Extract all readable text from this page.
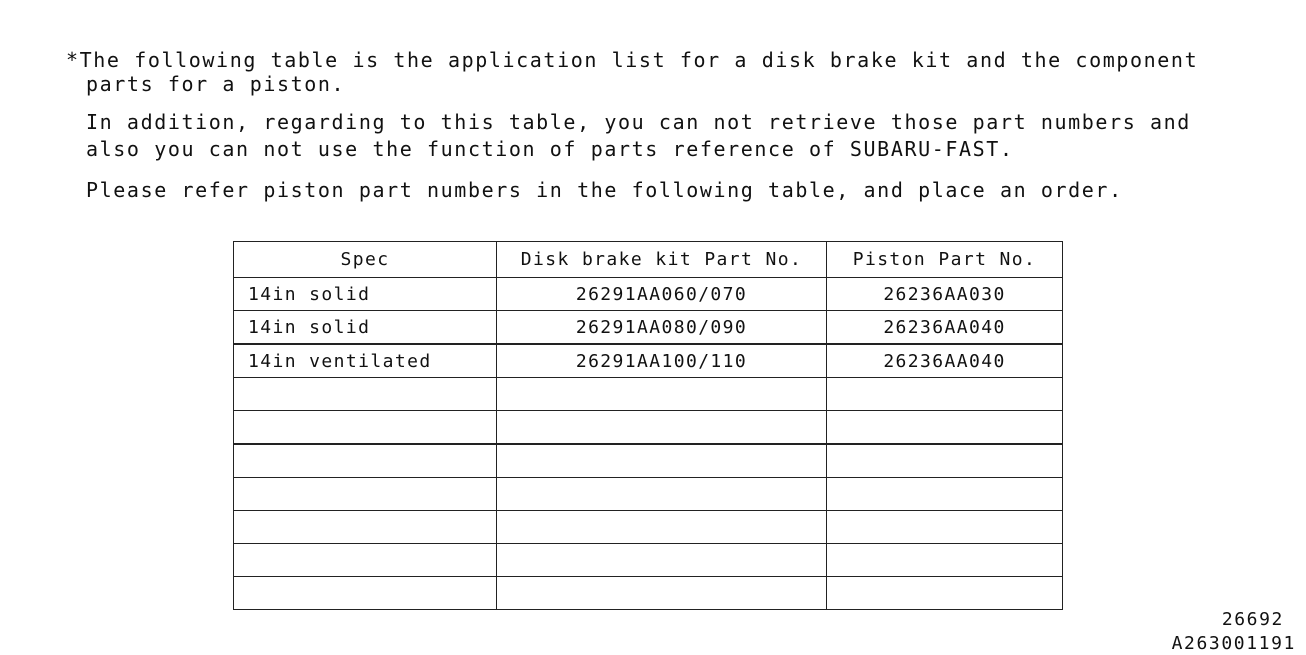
*The following table is the application list for a disk brake kit and the component
parts for a piston.
In addition, regarding to this table, you can not retrieve those part numbers and
also you can not use the function of parts reference of SUBARU-FAST.
Please refer piston part numbers in the following table, and place an order.
Spec	Disk brake kit Part No.	Piston Part No.
14in solid	26291AA060/070	26236AA030
14in solid	26291AA080/090	26236AA040
14in ventilated	26291AA100/110	26236AA040

26692
A263001191
